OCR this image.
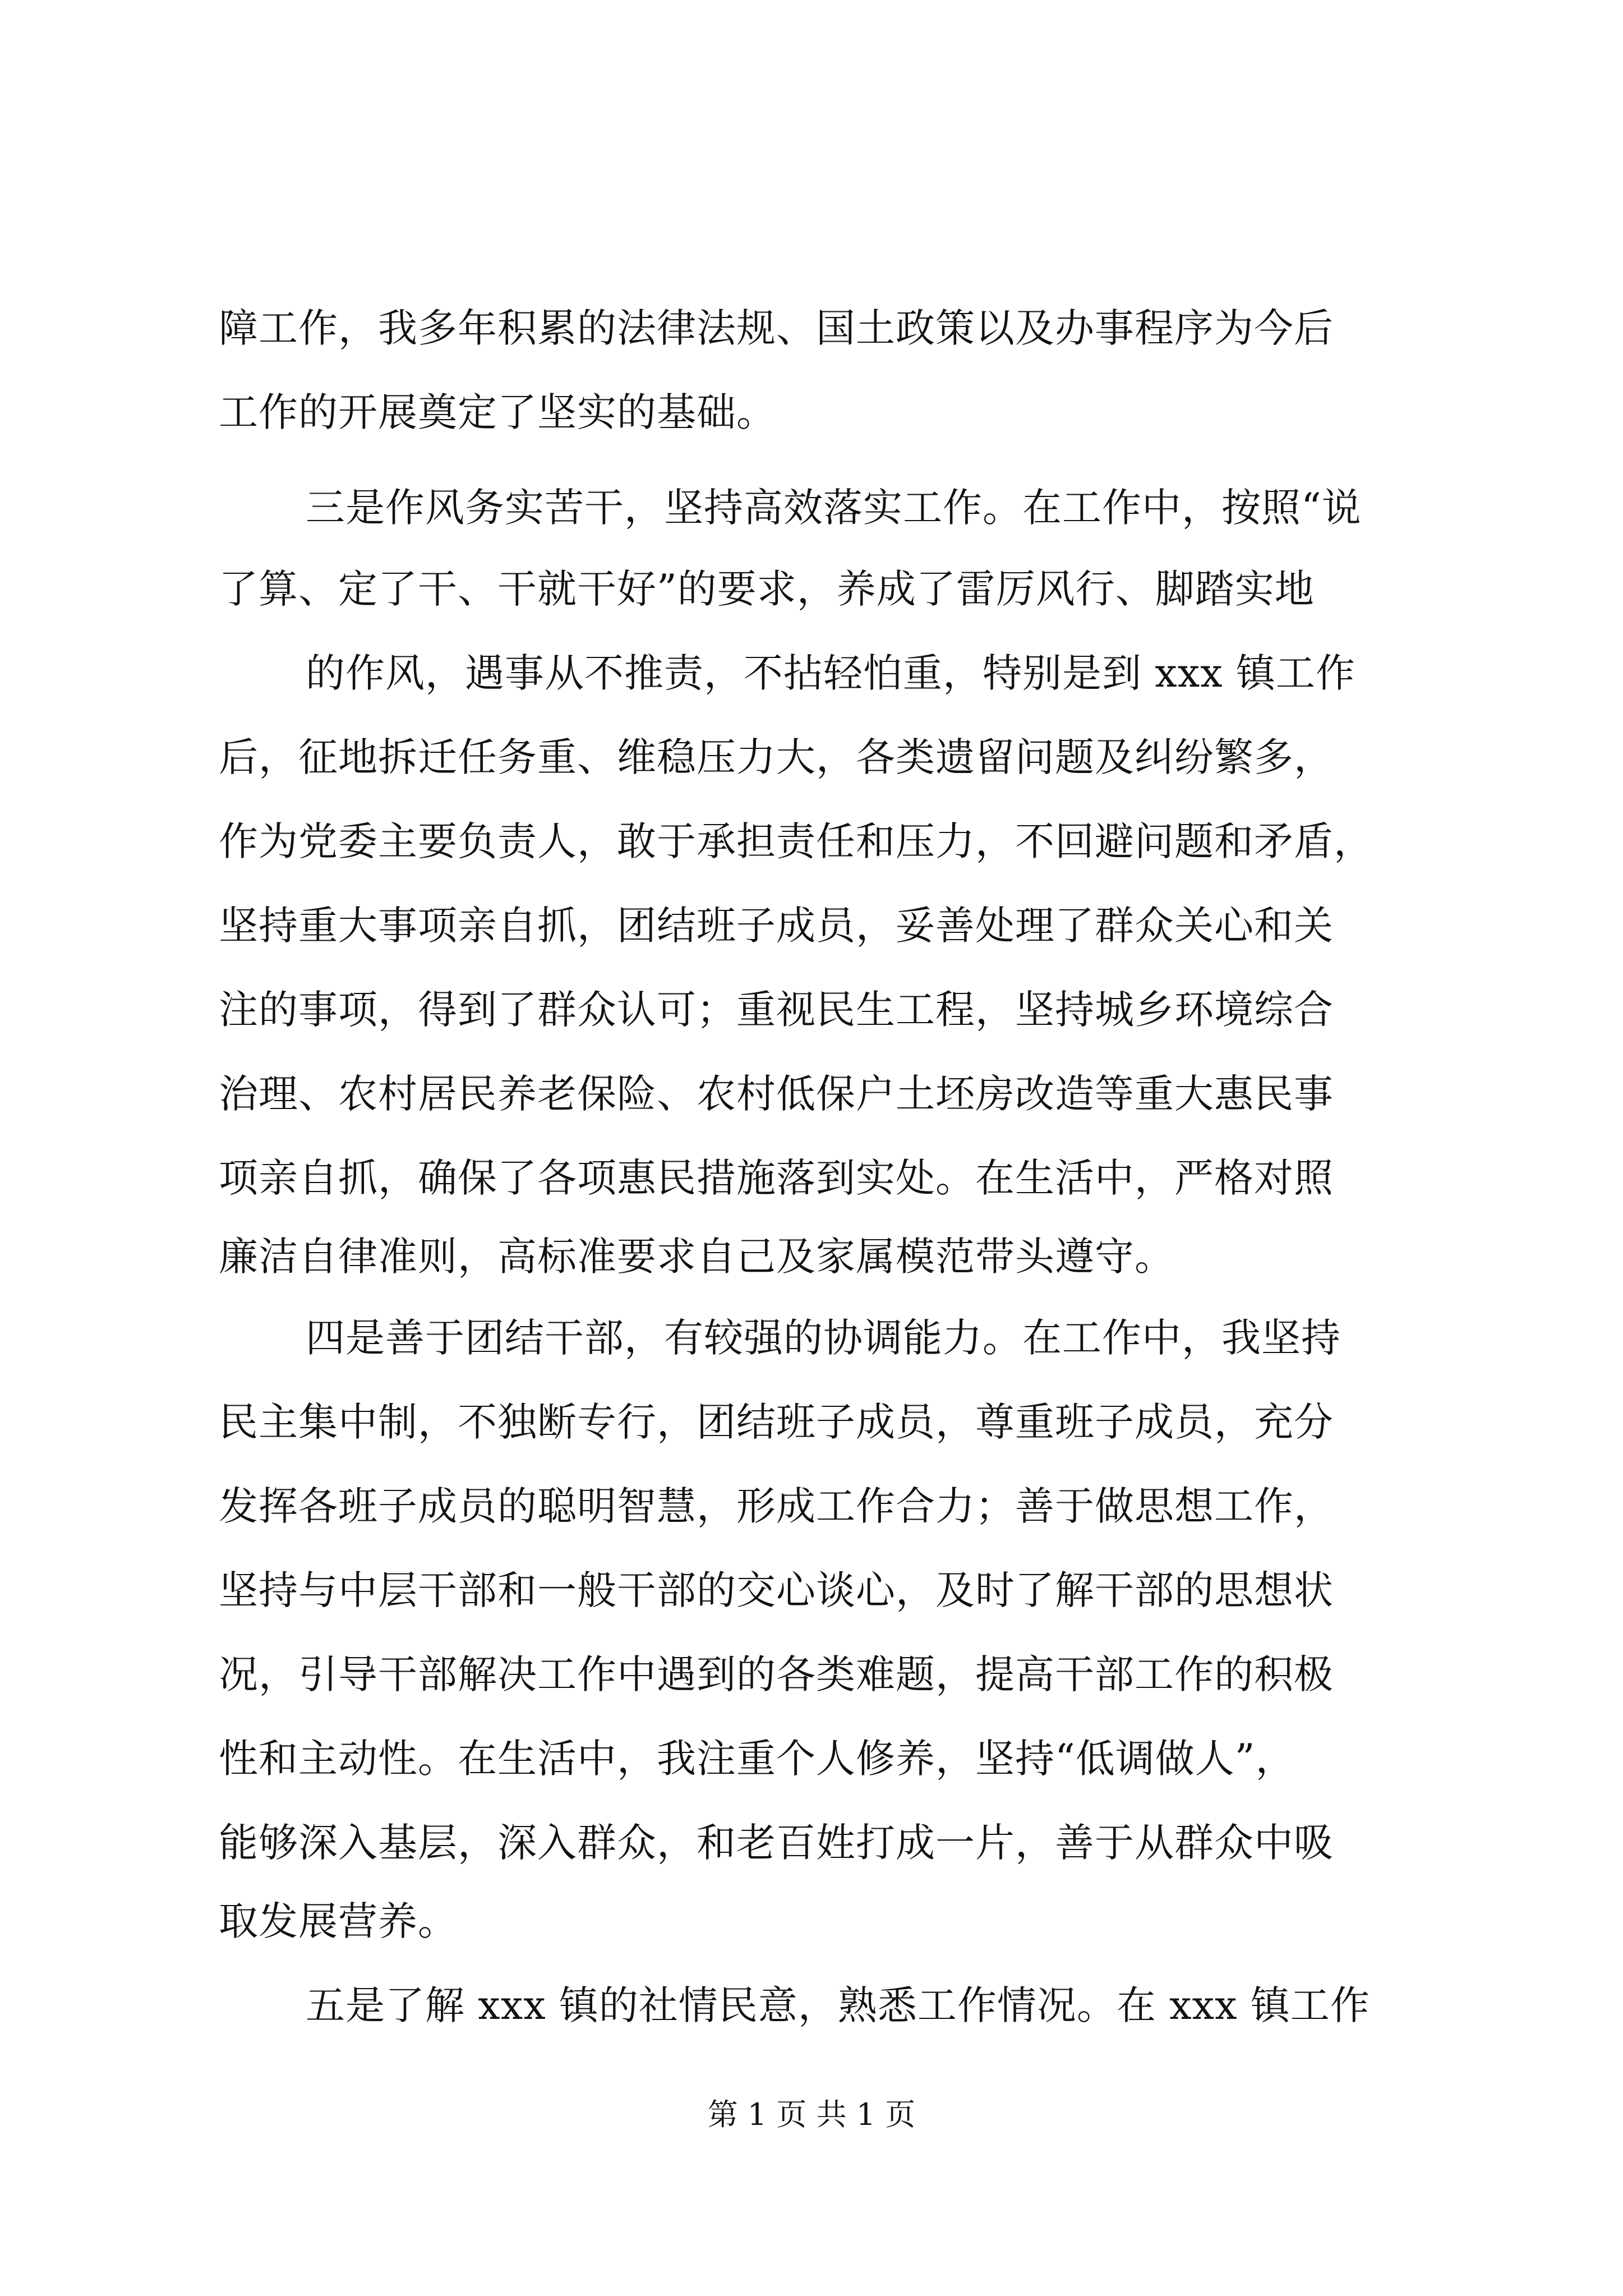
障工作，我多年积累的法律法规、国土政策以及办事程序为今后
工作的开展奠定了坚实的基础。
三是作风务实苦干，坚持高效落实工作。在工作中，按照“说
了算、定了干、干就干好”的要求，养成了雷厉风行、脚踏实地
的作风，遇事从不推责，不拈轻怕重，特别是到 xxx 镇工作
后，征地拆迁任务重、维稳压力大，各类遗留问题及纠纷繁多，
作为党委主要负责人，敢于承担责任和压力，不回避问题和矛盾，
坚持重大事项亲自抓，团结班子成员，妥善处理了群众关心和关
注的事项，得到了群众认可；重视民生工程，坚持城乡环境综合
治理、农村居民养老保险、农村低保户土坯房改造等重大惠民事
项亲自抓，确保了各项惠民措施落到实处。在生活中，严格对照
廉洁自律准则，高标准要求自己及家属模范带头遵守。
四是善于团结干部，有较强的协调能力。在工作中，我坚持
民主集中制，不独断专行，团结班子成员，尊重班子成员，充分
发挥各班子成员的聪明智慧，形成工作合力；善于做思想工作，
坚持与中层干部和一般干部的交心谈心，及时了解干部的思想状
况，引导干部解决工作中遇到的各类难题，提高干部工作的积极
性和主动性。在生活中，我注重个人修养，坚持“低调做人”，
能够深入基层，深入群众，和老百姓打成一片，善于从群众中吸
取发展营养。
五是了解 xxx 镇的社情民意，熟悉工作情况。在 xxx 镇工作
第 1 页 共 1 页
